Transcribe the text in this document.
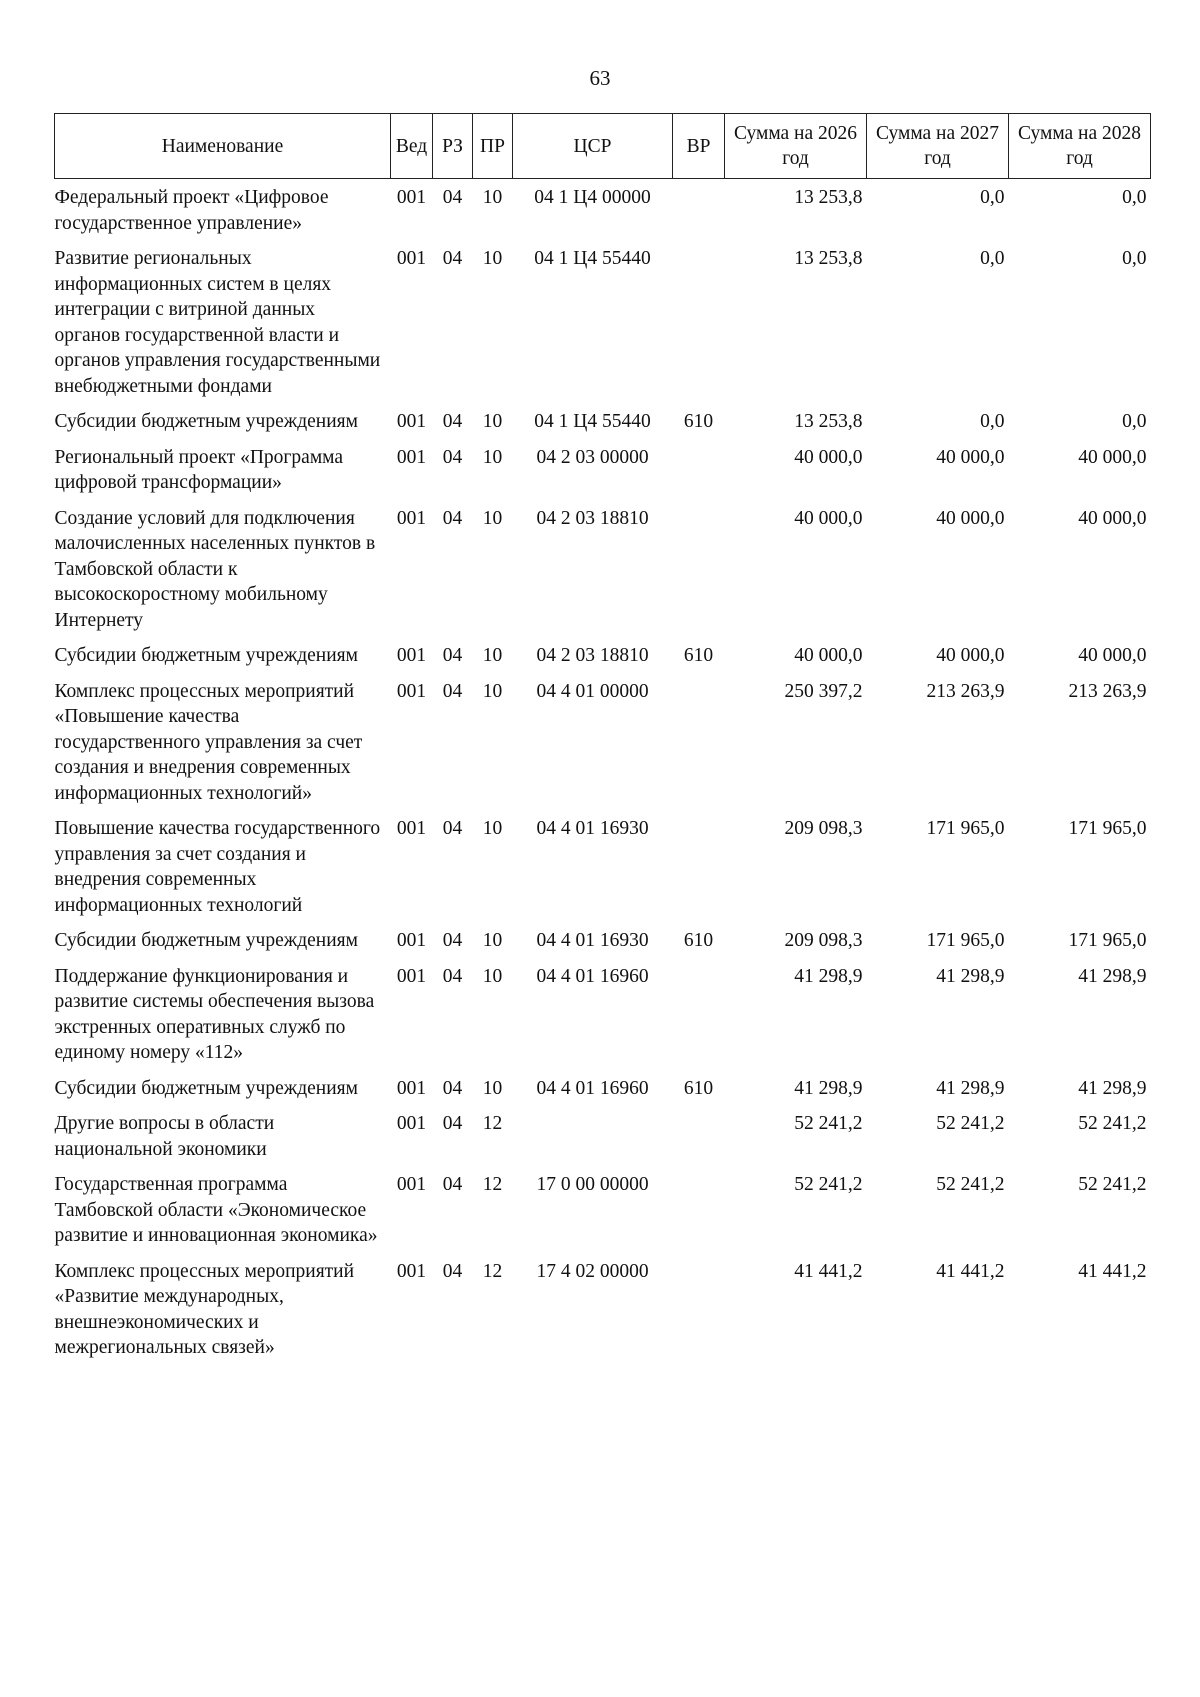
63
Наименование	Вед	РЗ	ПР	ЦСР	ВР	Сумма на 2026 год	Сумма на 2027 год	Сумма на 2028 год
Федеральный проект «Цифровое государственное управление»	001	04	10	04 1 Ц4 00000		13 253,8	0,0	0,0
Развитие региональных информационных систем в целях интеграции с витриной данных органов государственной власти и органов управления государственными внебюджетными фондами	001	04	10	04 1 Ц4 55440		13 253,8	0,0	0,0
Субсидии бюджетным учреждениям	001	04	10	04 1 Ц4 55440	610	13 253,8	0,0	0,0
Региональный проект «Программа цифровой трансформации»	001	04	10	04 2 03 00000		40 000,0	40 000,0	40 000,0
Создание условий для подключения малочисленных населенных пунктов в Тамбовской области к высокоскоростному мобильному Интернету	001	04	10	04 2 03 18810		40 000,0	40 000,0	40 000,0
Субсидии бюджетным учреждениям	001	04	10	04 2 03 18810	610	40 000,0	40 000,0	40 000,0
Комплекс процессных мероприятий «Повышение качества государственного управления за счет создания и внедрения современных информационных технологий»	001	04	10	04 4 01 00000		250 397,2	213 263,9	213 263,9
Повышение качества государственного управления за счет создания и внедрения современных информационных технологий	001	04	10	04 4 01 16930		209 098,3	171 965,0	171 965,0
Субсидии бюджетным учреждениям	001	04	10	04 4 01 16930	610	209 098,3	171 965,0	171 965,0
Поддержание функционирования и развитие системы обеспечения вызова экстренных оперативных служб по единому номеру «112»	001	04	10	04 4 01 16960		41 298,9	41 298,9	41 298,9
Субсидии бюджетным учреждениям	001	04	10	04 4 01 16960	610	41 298,9	41 298,9	41 298,9
Другие вопросы в области национальной экономики	001	04	12			52 241,2	52 241,2	52 241,2
Государственная программа Тамбовской области «Экономическое развитие и инновационная экономика»	001	04	12	17 0 00 00000		52 241,2	52 241,2	52 241,2
Комплекс процессных мероприятий «Развитие международных, внешнеэкономических и межрегиональных связей»	001	04	12	17 4 02 00000		41 441,2	41 441,2	41 441,2
